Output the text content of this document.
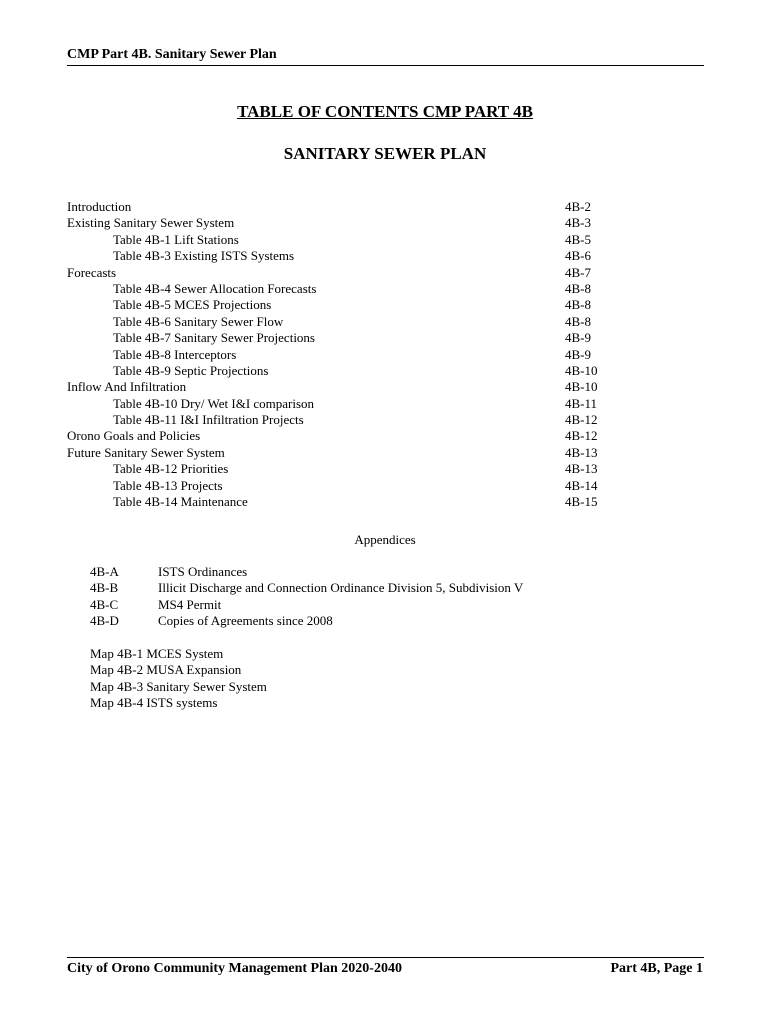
CMP Part 4B. Sanitary Sewer Plan
TABLE OF CONTENTS CMP PART 4B
SANITARY SEWER PLAN
Introduction	4B-2
Existing Sanitary Sewer System	4B-3
Table 4B-1 Lift Stations	4B-5
Table 4B-3 Existing ISTS Systems	4B-6
Forecasts	4B-7
Table 4B-4 Sewer Allocation Forecasts	4B-8
Table 4B-5 MCES Projections	4B-8
Table 4B-6 Sanitary Sewer Flow	4B-8
Table 4B-7 Sanitary Sewer Projections	4B-9
Table 4B-8 Interceptors	4B-9
Table 4B-9 Septic Projections	4B-10
Inflow And Infiltration	4B-10
Table 4B-10 Dry/ Wet I&I comparison	4B-11
Table 4B-11 I&I Infiltration Projects	4B-12
Orono Goals and Policies	4B-12
Future Sanitary Sewer System	4B-13
Table 4B-12 Priorities	4B-13
Table 4B-13 Projects	4B-14
Table 4B-14 Maintenance	4B-15
Appendices
4B-A	ISTS Ordinances
4B-B	Illicit Discharge and Connection Ordinance Division 5, Subdivision V
4B-C	MS4 Permit
4B-D	Copies of Agreements since 2008
Map 4B-1 MCES System
Map 4B-2 MUSA Expansion
Map 4B-3 Sanitary Sewer System
Map 4B-4 ISTS systems
City of Orono Community Management Plan 2020-2040	Part 4B, Page 1
